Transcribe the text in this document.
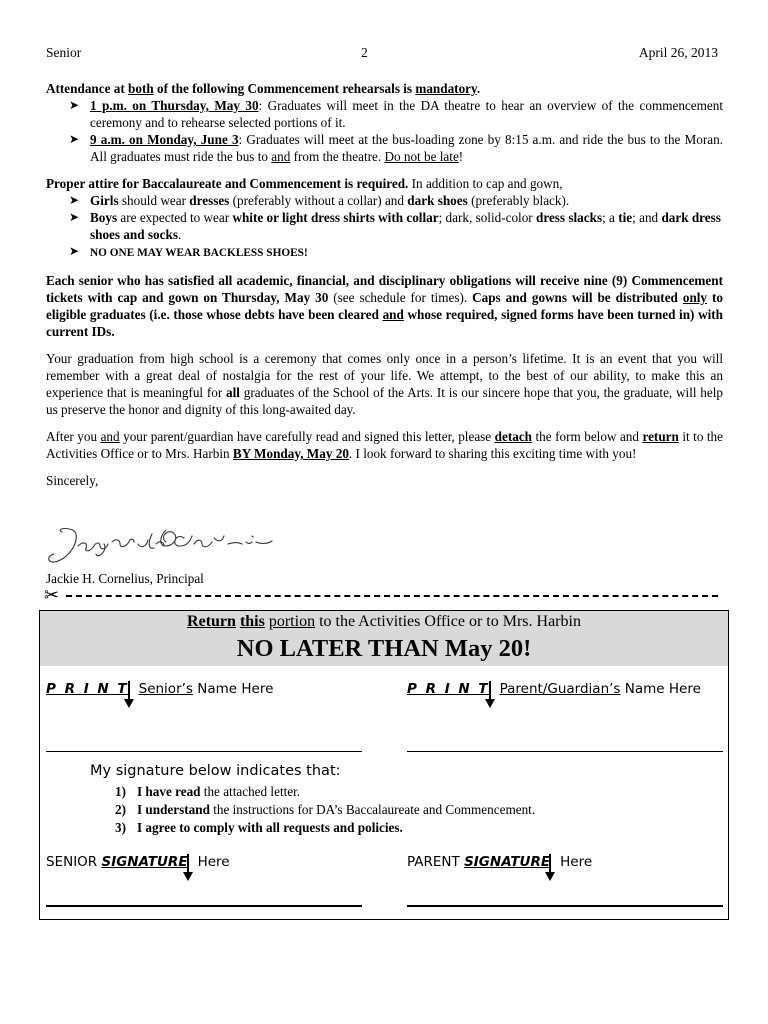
Senior	2	April 26, 2013

Attendance at both of the following Commencement rehearsals is mandatory.

➤ 1 p.m. on Thursday, May 30: Graduates will meet in the DA theatre to hear an overview of the commencement ceremony and to rehearse selected portions of it.
➤ 9 a.m. on Monday, June 3: Graduates will meet at the bus-loading zone by 8:15 a.m. and ride the bus to the Moran. All graduates must ride the bus to and from the theatre. Do not be late!

Proper attire for Baccalaureate and Commencement is required. In addition to cap and gown,

➤ Girls should wear dresses (preferably without a collar) and dark shoes (preferably black).
➤ Boys are expected to wear white or light dress shirts with collar; dark, solid-color dress slacks; a tie; and dark dress shoes and socks.
➤ NO ONE MAY WEAR BACKLESS SHOES!

Each senior who has satisfied all academic, financial, and disciplinary obligations will receive nine (9) Commencement tickets with cap and gown on Thursday, May 30 (see schedule for times). Caps and gowns will be distributed only to eligible graduates (i.e. those whose debts have been cleared and whose required, signed forms have been turned in) with current IDs.

Your graduation from high school is a ceremony that comes only once in a person’s lifetime. It is an event that you will remember with a great deal of nostalgia for the rest of your life. We attempt, to the best of our ability, to make this an experience that is meaningful for all graduates of the School of the Arts. It is our sincere hope that you, the graduate, will help us preserve the honor and dignity of this long-awaited day.

After you and your parent/guardian have carefully read and signed this letter, please detach the form below and return it to the Activities Office or to Mrs. Harbin BY Monday, May 20. I look forward to sharing this exciting time with you!

Sincerely,

Jackie H. Cornelius, Principal
✂
Return this portion to the Activities Office or to Mrs. Harbin
NO LATER THAN May 20!
P R I N T Senior’s Name Here	P R I N T Parent/Guardian’s Name Here
My signature below indicates that:
1) I have read the attached letter.
2) I understand the instructions for DA’s Baccalaureate and Commencement.
3) I agree to comply with all requests and policies.
SENIOR SIGNATURE Here	PARENT SIGNATURE Here
